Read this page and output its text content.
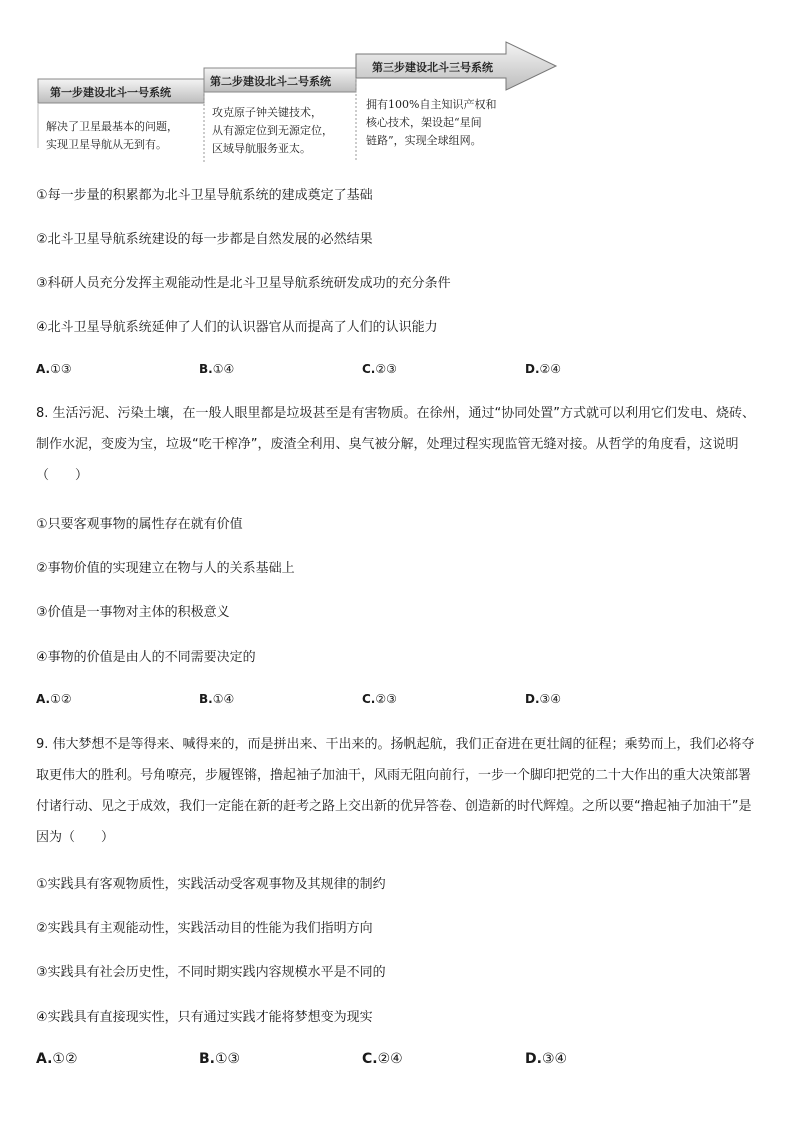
第一步建设北斗一号系统
第二步建设北斗二号系统
第三步建设北斗三号系统
解决了卫星最基本的问题，
实现卫星导航从无到有。
攻克原子钟关键技术，
从有源定位到无源定位，
区域导航服务亚太。
拥有100%自主知识产权和
核心技术，架设起“星间
链路”，实现全球组网。
①每一步量的积累都为北斗卫星导航系统的建成奠定了基础
②北斗卫星导航系统建设的每一步都是自然发展的必然结果
③科研人员充分发挥主观能动性是北斗卫星导航系统研发成功的充分条件
④北斗卫星导航系统延伸了人们的认识器官从而提高了人们的认识能力
A.①③	B.①④	C.②③	D.②④
8. 生活污泥、污染土壤，在一般人眼里都是垃圾甚至是有害物质。在徐州，通过“协同处置”方式就可以利用它们发电、烧砖、制作水泥，变废为宝，垃圾“吃干榨净”，废渣全利用、臭气被分解，处理过程实现监管无缝对接。从哲学的角度看，这说明（　　）
①只要客观事物的属性存在就有价值
②事物价值的实现建立在物与人的关系基础上
③价值是一事物对主体的积极意义
④事物的价值是由人的不同需要决定的
A.①②	B.①④	C.②③	D.③④
9. 伟大梦想不是等得来、喊得来的，而是拼出来、干出来的。扬帆起航，我们正奋进在更壮阔的征程；乘势而上，我们必将夺取更伟大的胜利。号角嘹亮，步履铿锵，撸起袖子加油干，风雨无阻向前行，一步一个脚印把党的二十大作出的重大决策部署付诸行动、见之于成效，我们一定能在新的赶考之路上交出新的优异答卷、创造新的时代辉煌。之所以要“撸起袖子加油干”是因为（　　）
①实践具有客观物质性，实践活动受客观事物及其规律的制约
②实践具有主观能动性，实践活动目的性能为我们指明方向
③实践具有社会历史性，不同时期实践内容规模水平是不同的
④实践具有直接现实性，只有通过实践才能将梦想变为现实
A.①②	B.①③	C.②④	D.③④
